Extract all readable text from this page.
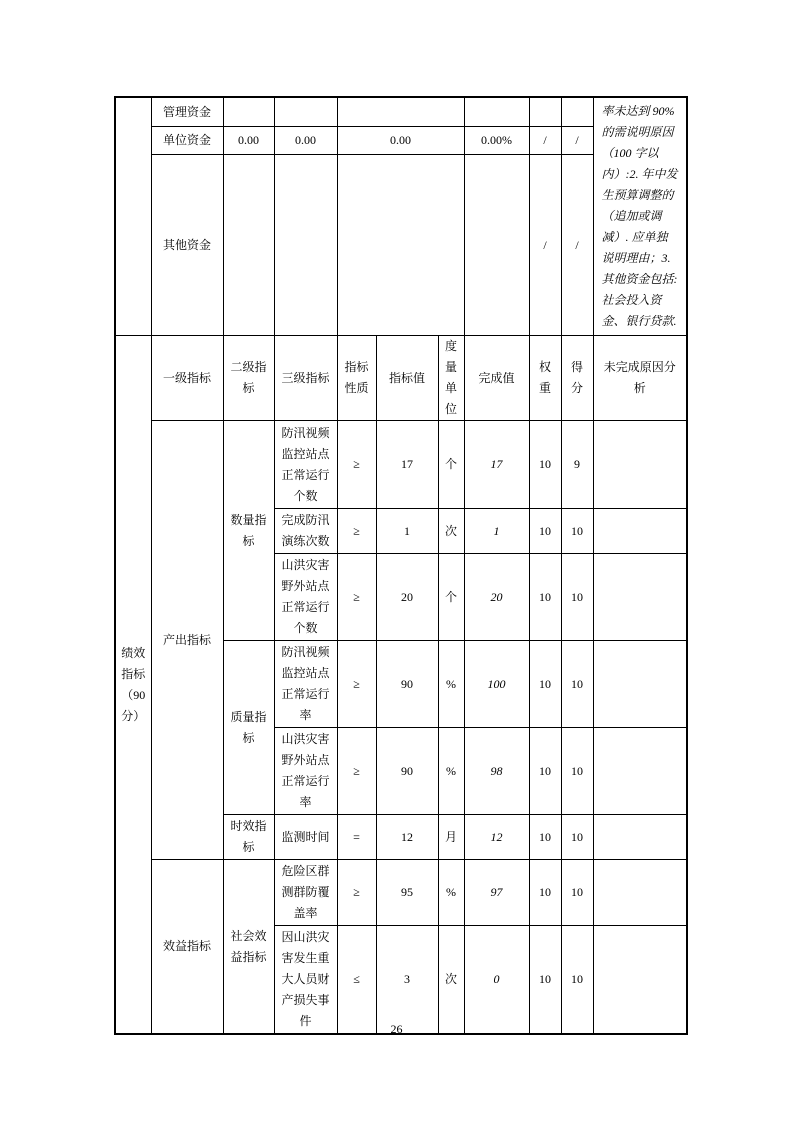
	管理资金									率未达到 90%的需说明原因（100 字以内）:2. 年中发生预算调整的（追加或调减）. 应单独说明理由；3. 其他资金包括:社会投入资金、银行贷款.
	单位资金	0.00	0.00	0.00			0.00%	/	/	
	其他资金							/	/	
绩效指标（90分）	一级指标	二级指标	三级指标	指标性质	指标值	度量单位	完成值	权重	得分	未完成原因分析
	产出指标	数量指标	防汛视频监控站点正常运行个数	≥	17	个	17	10	9	
			完成防汛演练次数	≥	1	次	1	10	10	
			山洪灾害野外站点正常运行个数	≥	20	个	20	10	10	
		质量指标	防汛视频监控站点正常运行率	≥	90	%	100	10	10	
			山洪灾害野外站点正常运行率	≥	90	%	98	10	10	
		时效指标	监测时间	=	12	月	12	10	10	
	效益指标	社会效益指标	危险区群测群防覆盖率	≥	95	%	97	10	10	
			因山洪灾害发生重大人员财产损失事件	≤	3	次	0	10	10	
26
